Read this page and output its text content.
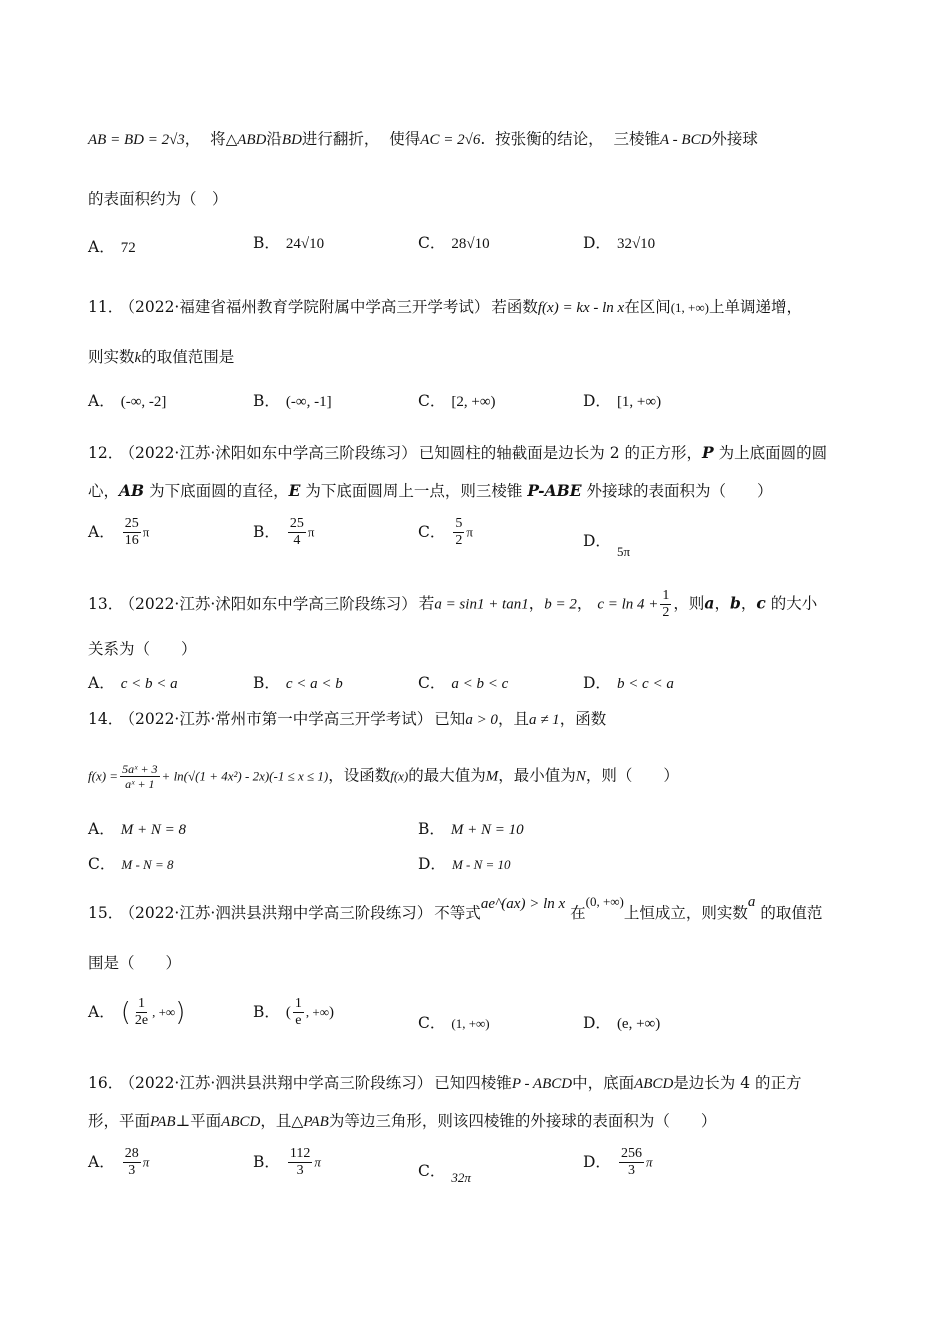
AB = BD = 2√3， 将△ABD沿BD进行翻折， 使得AC = 2√6. 按张衡的结论， 三棱锥A - BCD外接球
的表面积约为（　）
A． 72	B． 24√10	C． 28√10	D． 32√10
11． （2022·福建省福州教育学院附属中学高三开学考试） 若函数f(x) = kx - ln x在区间(1, +∞)上单调递增，
则实数k的取值范围是
A． (-∞, -2]	B． (-∞, -1]	C． [2, +∞)	D． [1, +∞)
12． （2022·江苏·沭阳如东中学高三阶段练习） 已知圆柱的轴截面是边长为 2 的正方形，P 为上底面圆的圆
心，AB 为下底面圆的直径，E 为下底面圆周上一点，则三棱锥 P-ABE 外接球的表面积为（　　）
A． $\frac{25}{16}$ π	B． $\frac{25}{4}$ π	C． $\frac{5}{2}$ π	D．$_{5\pi}$
13． （2022·江苏·沭阳如东中学高三阶段练习） 若a = sin1 + tan1，b = 2， $c = \ln 4 + \frac{1}{2}$ ，则a，b，c 的大小
关系为（　　）
A． c < b < a	B． c < a < b	C． a < b < c	D． b < c < a
14． （2022·江苏·常州市第一中学高三开学考试） 已知a > 0，且a ≠ 1，函数
$f(x) = \frac{\text{5aˣ + 3}}{\text{aˣ + 1}} + \ln(√(1 + 4x^2) - 2x)(-1 \le x \le 1)$，设函数f(x)的最大值为M，最小值为N，则（　　）
A． M + N = 8	B． M + N = 10
C． M - N = 8	D． M - N = 10
15． （2022·江苏·泗洪县洪翔中学高三阶段练习） 不等式ae^(ax) > ln x 在$^{(0, +\infty)}$上恒成立，则实数a 的取值范
围是（　　）
A． ( $\frac{1}{2e}$ , +∞)	B． ( $\frac{1}{e}$ , +∞)
C． (1, +∞)	D． (e, +∞)
16． （2022·江苏·泗洪县洪翔中学高三阶段练习） 已知四棱锥P - ABCD中，底面ABCD是边长为 4 的正方
形，平面PAB⊥平面ABCD，且△PAB为等边三角形，则该四棱锥的外接球的表面积为（　　）
A． $\frac{28}{3}$ π	B． $\frac{112}{3}$ π	C． $_{32\pi}$
D． $\frac{256}{3}$ π
